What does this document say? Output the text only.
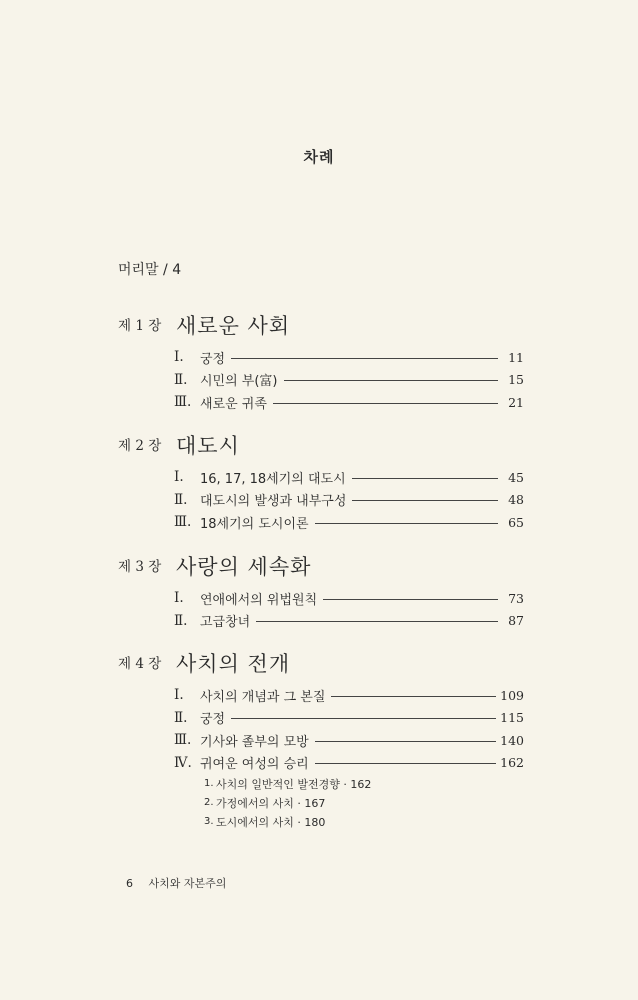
차례
머리말 / 4
제 1 장 새로운 사회
Ⅰ.	궁정	11
Ⅱ. 시민의 부(富)	15
Ⅲ. 새로운 귀족	21
제 2 장 대도시
Ⅰ.	16, 17, 18세기의 대도시	45
Ⅱ. 대도시의 발생과 내부구성	48
Ⅲ. 18세기의 도시이론	65
제 3 장 사랑의 세속화
Ⅰ.	연애에서의 위법원칙	73
Ⅱ. 고급창녀	87
제 4 장 사치의 전개
Ⅰ.	사치의 개념과 그 본질	109
Ⅱ. 궁정	115
Ⅲ. 기사와 졸부의 모방	140
Ⅳ. 귀여운 여성의 승리	162
1. 사치의 일반적인 발전경향 · 162
2. 가정에서의 사치 · 167
3. 도시에서의 사치 · 180
6 사치와 자본주의
